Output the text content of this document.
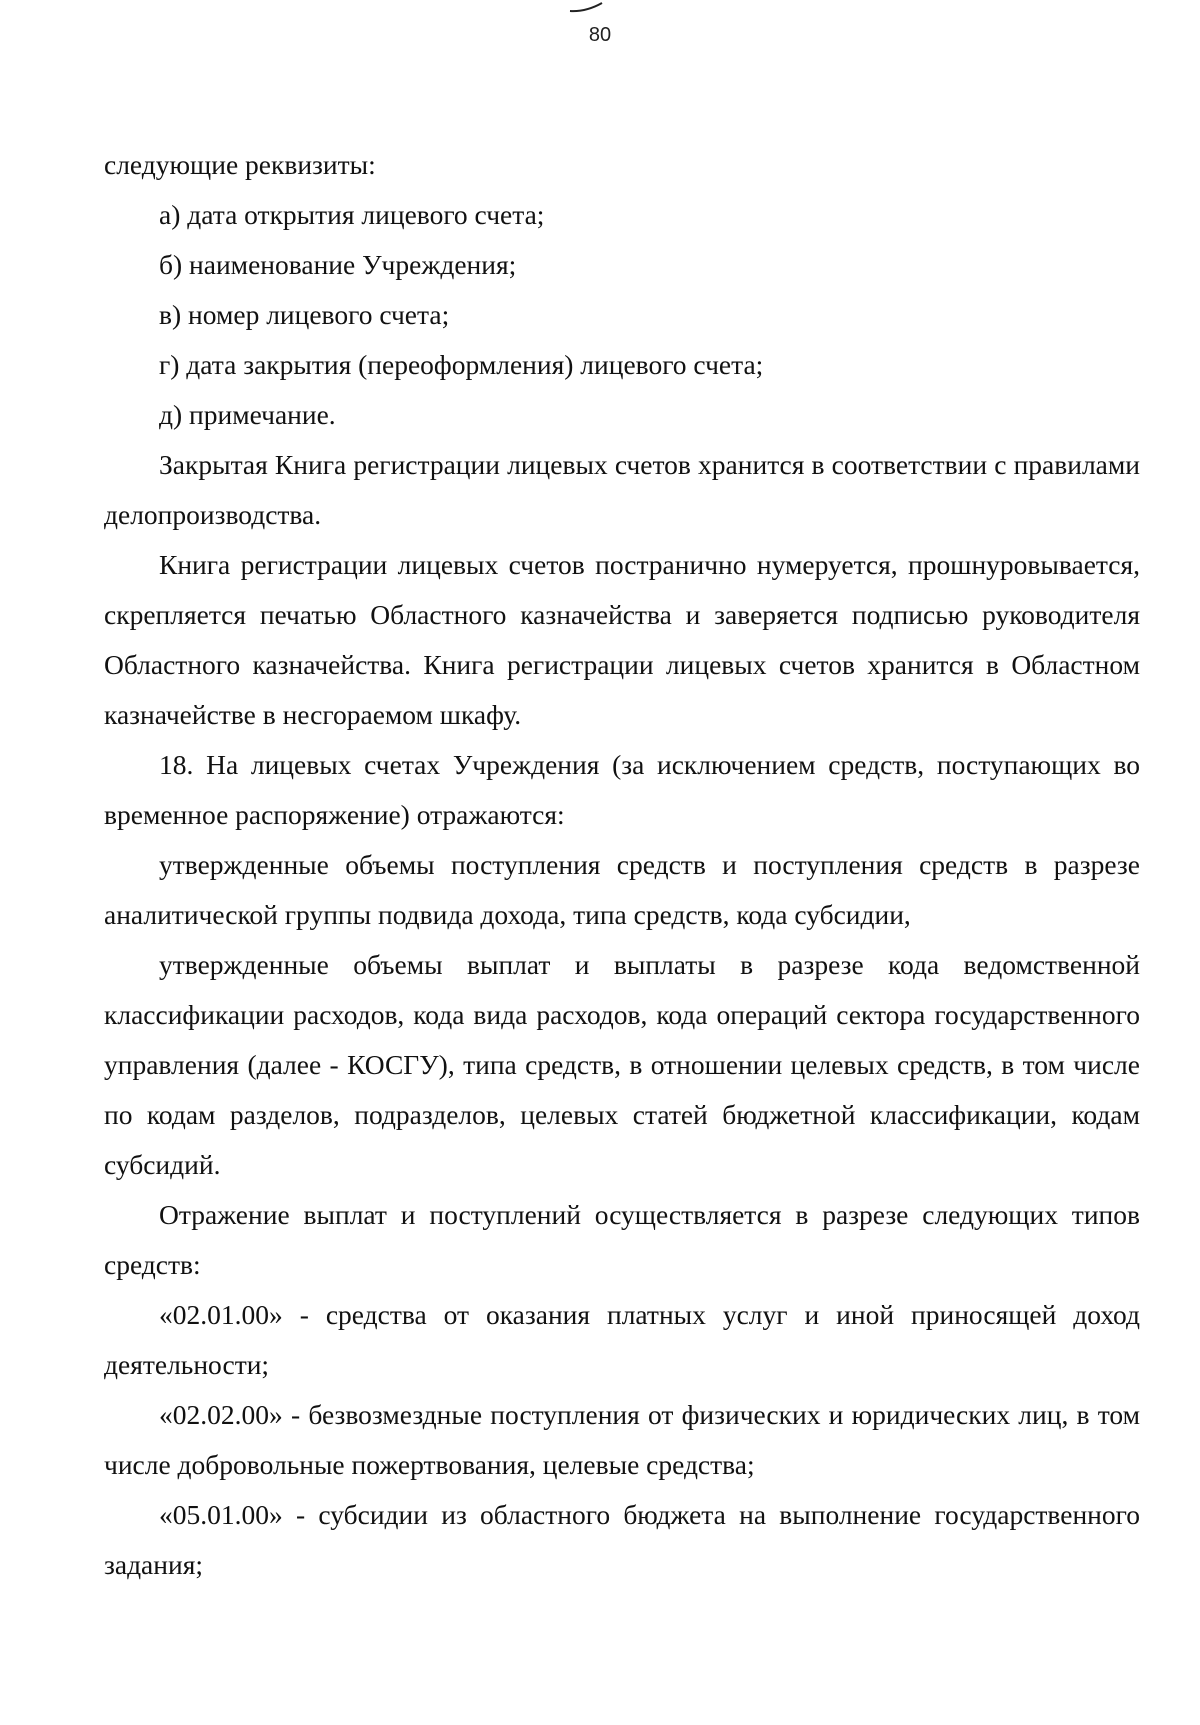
80

следующие реквизиты:

а) дата открытия лицевого счета;

б) наименование Учреждения;

в) номер лицевого счета;

г) дата закрытия (переоформления) лицевого счета;

д) примечание.

Закрытая Книга регистрации лицевых счетов хранится в соответствии с правилами делопроизводства.

Книга регистрации лицевых счетов постранично нумеруется, прошнуровывается, скрепляется печатью Областного казначейства и заверяется подписью руководителя Областного казначейства. Книга регистрации лицевых счетов хранится в Областном казначействе в несгораемом шкафу.

18. На лицевых счетах Учреждения (за исключением средств, поступающих во временное распоряжение) отражаются:

утвержденные объемы поступления средств и поступления средств в разрезе аналитической группы подвида дохода, типа средств, кода субсидии,

утвержденные объемы выплат и выплаты в разрезе кода ведомственной классификации расходов, кода вида расходов, кода операций сектора государственного управления (далее - КОСГУ), типа средств, в отношении целевых средств, в том числе по кодам разделов, подразделов, целевых статей бюджетной классификации, кодам субсидий.

Отражение выплат и поступлений осуществляется в разрезе следующих типов средств:

«02.01.00» - средства от оказания платных услуг и иной приносящей доход деятельности;

«02.02.00» - безвозмездные поступления от физических и юридических лиц, в том числе добровольные пожертвования, целевые средства;

«05.01.00» - субсидии из областного бюджета на выполнение государственного задания;
